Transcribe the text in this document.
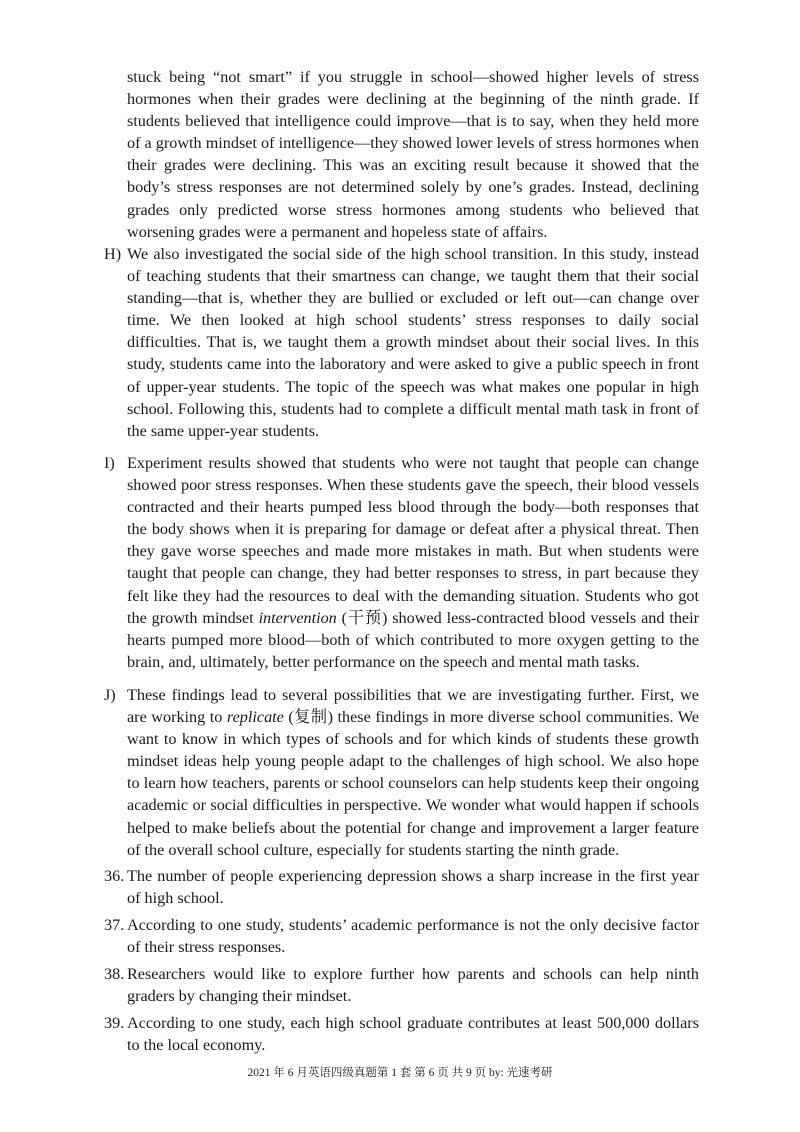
stuck being “not smart” if you struggle in school—showed higher levels of stress hormones when their grades were declining at the beginning of the ninth grade. If students believed that intelligence could improve—that is to say, when they held more of a growth mindset of intelligence—they showed lower levels of stress hormones when their grades were declining. This was an exciting result because it showed that the body’s stress responses are not determined solely by one’s grades. Instead, declining grades only predicted worse stress hormones among students who believed that worsening grades were a permanent and hopeless state of affairs.
H) We also investigated the social side of the high school transition. In this study, instead of teaching students that their smartness can change, we taught them that their social standing—that is, whether they are bullied or excluded or left out—can change over time. We then looked at high school students’ stress responses to daily social difficulties. That is, we taught them a growth mindset about their social lives. In this study, students came into the laboratory and were asked to give a public speech in front of upper-year students. The topic of the speech was what makes one popular in high school. Following this, students had to complete a difficult mental math task in front of the same upper-year students.
I) Experiment results showed that students who were not taught that people can change showed poor stress responses. When these students gave the speech, their blood vessels contracted and their hearts pumped less blood through the body—both responses that the body shows when it is preparing for damage or defeat after a physical threat. Then they gave worse speeches and made more mistakes in math. But when students were taught that people can change, they had better responses to stress, in part because they felt like they had the resources to deal with the demanding situation. Students who got the growth mindset intervention (干预) showed less-contracted blood vessels and their hearts pumped more blood—both of which contributed to more oxygen getting to the brain, and, ultimately, better performance on the speech and mental math tasks.
J) These findings lead to several possibilities that we are investigating further. First, we are working to replicate (复制) these findings in more diverse school communities. We want to know in which types of schools and for which kinds of students these growth mindset ideas help young people adapt to the challenges of high school. We also hope to learn how teachers, parents or school counselors can help students keep their ongoing academic or social difficulties in perspective. We wonder what would happen if schools helped to make beliefs about the potential for change and improvement a larger feature of the overall school culture, especially for students starting the ninth grade.
36. The number of people experiencing depression shows a sharp increase in the first year of high school.
37. According to one study, students’ academic performance is not the only decisive factor of their stress responses.
38. Researchers would like to explore further how parents and schools can help ninth graders by changing their mindset.
39. According to one study, each high school graduate contributes at least 500,000 dollars to the local economy.
2021 年 6 月英语四级真题第 1 套 第 6 页 共 9 页 by: 光速考研
